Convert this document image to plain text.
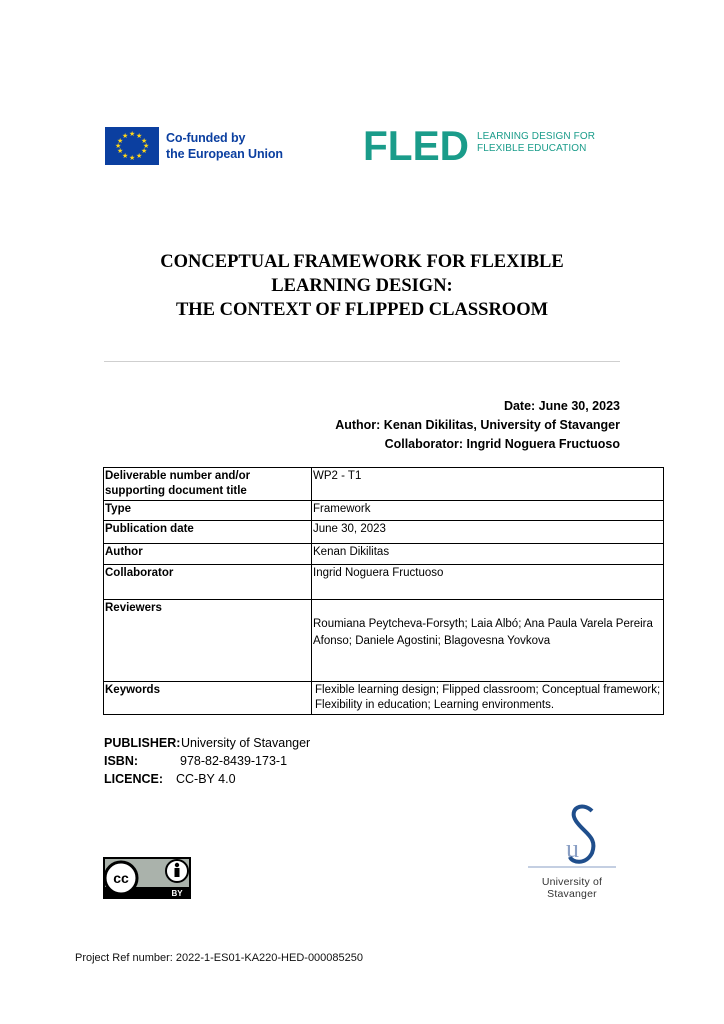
★ ★
★
★
★
★
★
★
★
★
★
★	Co-funded by
the European Union FLED LEARNING DESIGN FOR
FLEXIBLE EDUCATION
CONCEPTUAL FRAMEWORK FOR FLEXIBLE
LEARNING DESIGN:
THE CONTEXT OF FLIPPED CLASSROOM
Date: June 30, 2023
Author: Kenan Dikilitas, University of Stavanger
Collaborator: Ingrid Noguera Fructuoso
Deliverable number and/or supporting document title	WP2 - T1
Type	Framework
Publication date	June 30, 2023
Author	Kenan Dikilitas
Collaborator	Ingrid Noguera Fructuoso
Reviewers	Roumiana Peytcheva-Forsyth; Laia Albó; Ana Paula Varela Pereira Afonso; Daniele Agostini; Blagovesna Yovkova
Keywords	Flexible learning design; Flipped classroom; Conceptual framework; Flexibility in education; Learning environments.
PUBLISHER: University of Stavanger
ISBN:	978-82-8439-173-1
LICENCE:	CC-BY 4.0
cc
BY
u
University of
Stavanger
Project Ref number: 2022-1-ES01-KA220-HED-000085250
